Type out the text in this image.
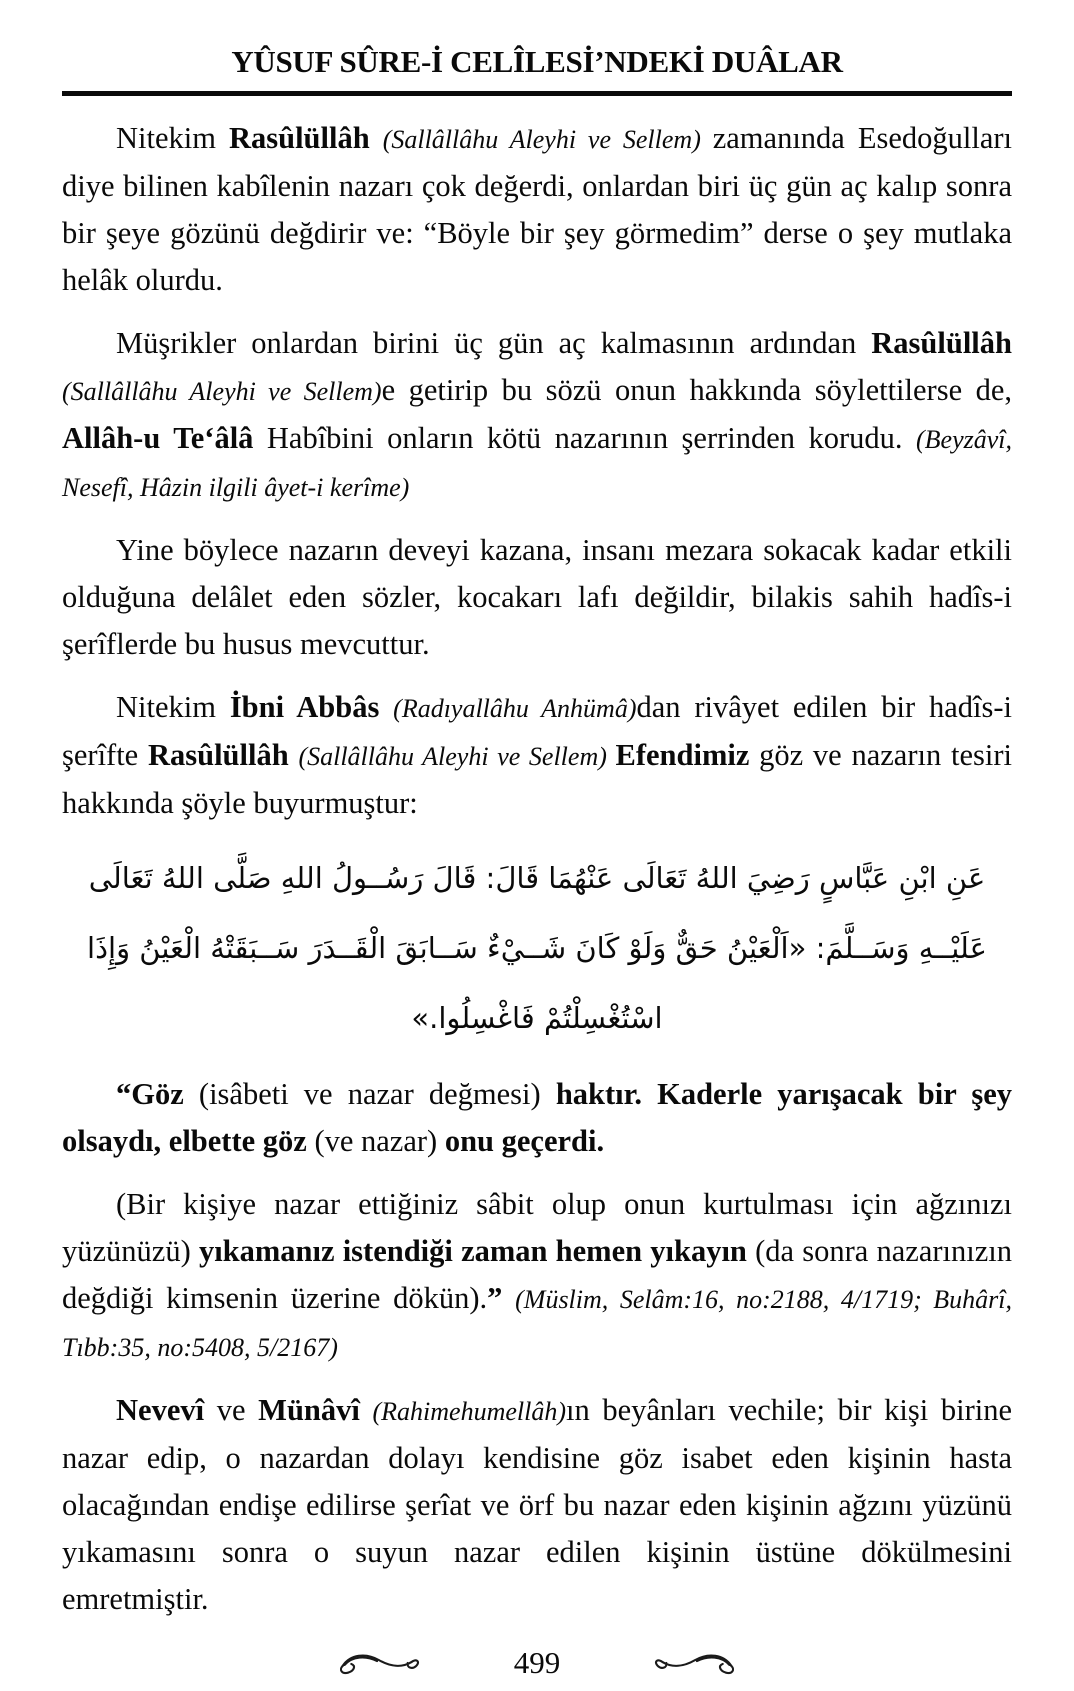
YÛSUF SÛRE-İ CELÎLESİ’NDEKİ DUÂLAR

Nitekim Rasûlüllâh (Sallâllâhu Aleyhi ve Sellem) zamanında Esedoğulları diye bilinen kabîlenin nazarı çok değerdi, onlardan biri üç gün aç kalıp sonra bir şeye gözünü değdirir ve: “Böyle bir şey görmedim” derse o şey mutlaka helâk olurdu.

Müşrikler onlardan birini üç gün aç kalmasının ardından Rasûlüllâh (Sallâllâhu Aleyhi ve Sellem)e getirip bu sözü onun hakkında söylettilerse de, Allâh-u Te‘âlâ Habîbini onların kötü nazarının şerrinden korudu. (Beyzâvî, Nesefî, Hâzin ilgili âyet-i kerîme)

Yine böylece nazarın deveyi kazana, insanı mezara sokacak kadar etkili olduğuna delâlet eden sözler, kocakarı lafı değildir, bilakis sahih hadîs-i şerîflerde bu husus mevcuttur.

Nitekim İbni Abbâs (Radıyallâhu Anhümâ)dan rivâyet edilen bir hadîs-i şerîfte Rasûlüllâh (Sallâllâhu Aleyhi ve Sellem) Efendimiz göz ve nazarın tesiri hakkında şöyle buyurmuştur:

عَنِ ابْنِ عَبَّاسٍ رَضِيَ اللهُ تَعَالَى عَنْهُمَا قَالَ: قَالَ رَسُــولُ اللهِ صَلَّى اللهُ تَعَالَى
عَلَيْــهِ وَسَــلَّمَ: «اَلْعَيْنُ حَقٌّ وَلَوْ كَانَ شَــيْءٌ سَــابَقَ الْقَــدَرَ سَــبَقَتْهُ الْعَيْنُ وَإِذَا
اسْتُغْسِلْتُمْ فَاغْسِلُوا.»

“Göz (isâbeti ve nazar değmesi) haktır. Kaderle yarışacak bir şey olsaydı, elbette göz (ve nazar) onu geçerdi.

(Bir kişiye nazar ettiğiniz sâbit olup onun kurtulması için ağzınızı yüzünüzü) yıkamanız istendiği zaman hemen yıkayın (da sonra nazarınızın değdiği kimsenin üzerine dökün).” (Müslim, Selâm:16, no:2188, 4/1719; Buhârî, Tıbb:35, no:5408, 5/2167)

Nevevî ve Münâvî (Rahimehumellâh)ın beyânları vechile; bir kişi birine nazar edip, o nazardan dolayı kendisine göz isabet eden kişinin hasta olacağından endişe edilirse şerîat ve örf bu nazar eden kişinin ağzını yüzünü yıkamasını sonra o suyun nazar edilen kişinin üstüne dökülmesini emretmiştir.

499
